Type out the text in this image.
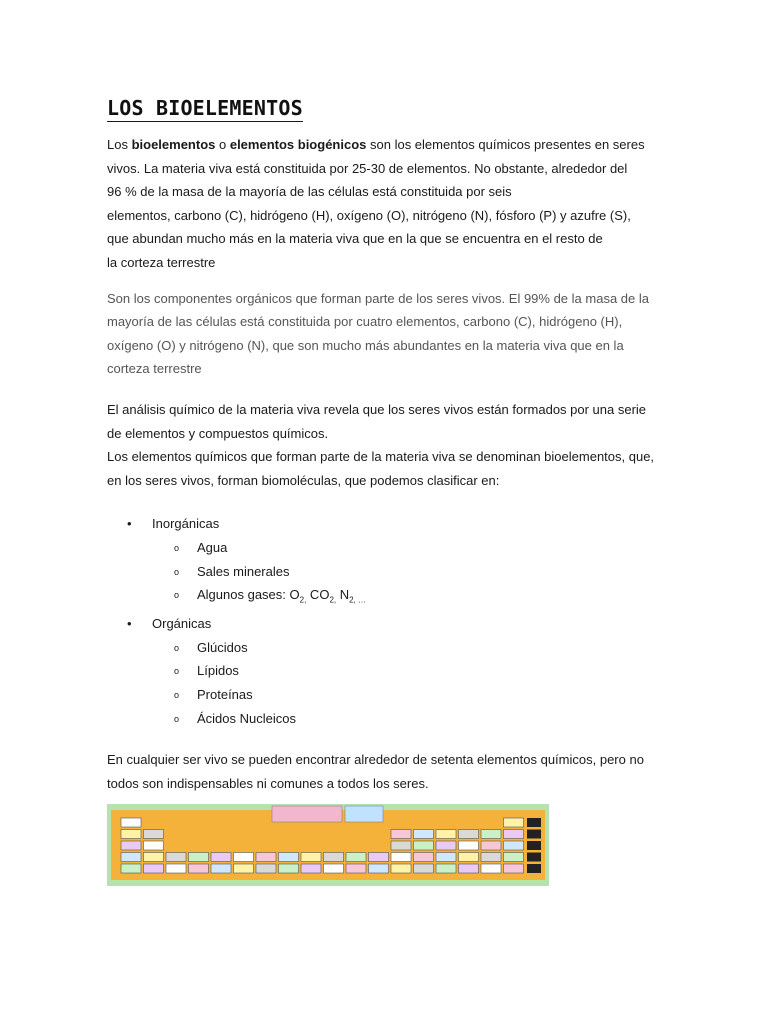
LOS BIOELEMENTOS

Los bioelementos o elementos biogénicos son los elementos químicos presentes en seres
vivos. La materia viva está constituida por 25-30 de elementos. No obstante, alrededor del
96 % de la masa de la mayoría de las células está constituida por seis
elementos, carbono (C), hidrógeno (H), oxígeno (O), nitrógeno (N), fósforo (P) y azufre (S),
que abundan mucho más en la materia viva que en la que se encuentra en el resto de
la corteza terrestre

Son los componentes orgánicos que forman parte de los seres vivos. El 99% de la masa de la
mayoría de las células está constituida por cuatro elementos, carbono (C), hidrógeno (H),
oxígeno (O) y nitrógeno (N), que son mucho más abundantes en la materia viva que en la
corteza terrestre

El análisis químico de la materia viva revela que los seres vivos están formados por una serie
de elementos y compuestos químicos.
Los elementos químicos que forman parte de la materia viva se denominan bioelementos, que,
en los seres vivos, forman biomoléculas, que podemos clasificar en:

• Inorgánicas
o Agua
o Sales minerales
o Algunos gases: $O_{2,}$ $CO_{2,}$ $N_{2, \dots}$
• Orgánicas
o Glúcidos
o Lípidos
o Proteínas
o Ácidos Nucleicos

En cualquier ser vivo se pueden encontrar alrededor de setenta elementos químicos, pero no
todos son indispensables ni comunes a todos los seres.
